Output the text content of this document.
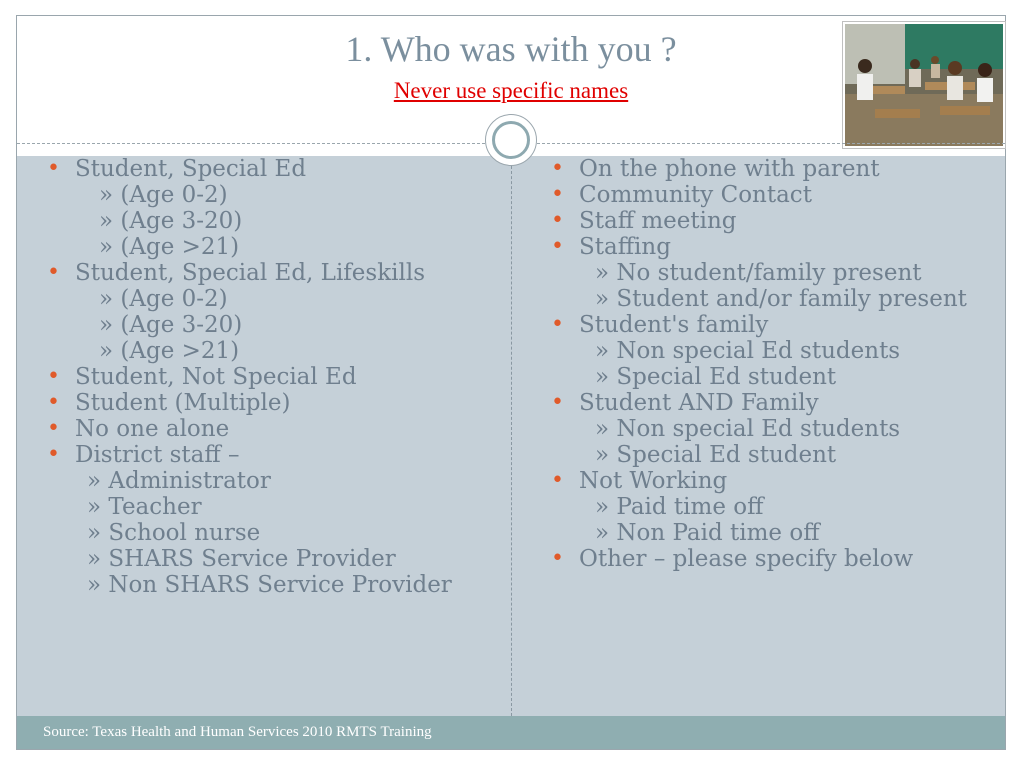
1. Who was with you ?
Never use specific names
• Student, Special Ed
» (Age 0-2)
» (Age 3-20)
» (Age >21)
• Student, Special Ed, Lifeskills
» (Age 0-2)
» (Age 3-20)
» (Age >21)
• Student, Not Special Ed
• Student (Multiple)
• No one alone
• District staff –
» Administrator
» Teacher
» School nurse
» SHARS Service Provider
» Non SHARS Service Provider
• On the phone with parent
• Community Contact
• Staff meeting
• Staffing
» No student/family present
» Student and/or family present
• Student's family
» Non special Ed students
» Special Ed student
• Student AND Family
» Non special Ed students
» Special Ed student
• Not Working
» Paid time off
» Non Paid time off
• Other – please specify below
Source: Texas Health and Human Services 2010 RMTS Training
